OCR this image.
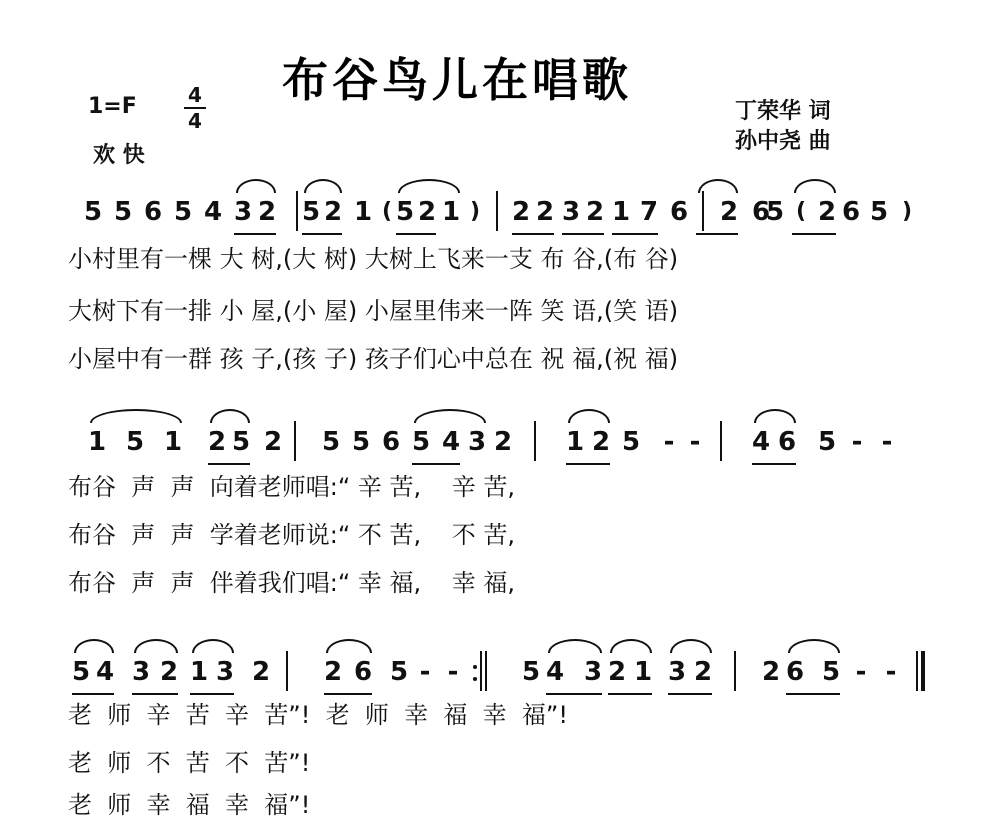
布谷鸟儿在唱歌
1=F	4
4
欢 快
丁荣华 词
孙中尧 曲
5 5 6 5 4 3 2 5 2 1 ( 5 2 1 ) 2 2 3 2 1 7 6 2 6
5 ( 2 6 5 )
小村里有一棵 大 树,(大 树) 大树上飞来一支 布 谷,(布 谷)
大树下有一排 小 屋,(小 屋) 小屋里伟来一阵 笑 语,(笑 语)
小屋中有一群 孩 子,(孩 子) 孩子们心中总在 祝 福,(祝 福)
1 5 1 2 5 2 5 5 6 5 4 3 2 1 2 5 - - 4 6 5 - -
布谷  声  声  向着老师唱:“ 辛 苦,    辛 苦,
布谷  声  声  学着老师说:“ 不 苦,    不 苦,
布谷  声  声  伴着我们唱:“ 幸 福,    幸 福,
5 4 3 2 1 3 2 2 6 5 - - 5 4 3 2 1 3 2 2 6 5 - -
老  师  辛  苦  辛  苦”!  老  师  幸  福  幸  福”!
老  师  不  苦  不  苦”!
老  师  幸  福  幸  福”!
